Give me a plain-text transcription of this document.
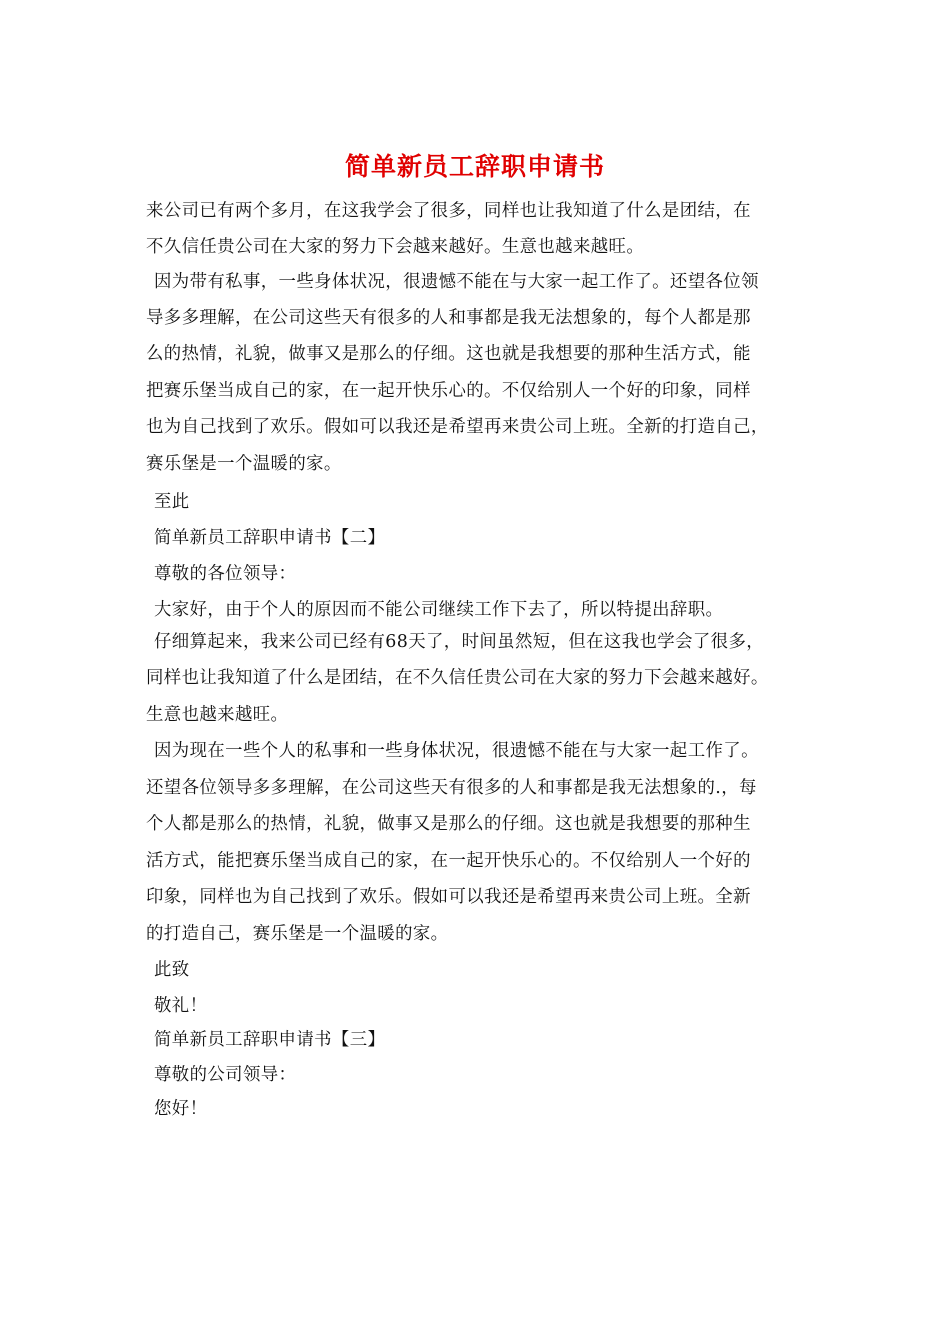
简单新员工辞职申请书
来公司已有两个多月，在这我学会了很多，同样也让我知道了什么是团结，在
不久信任贵公司在大家的努力下会越来越好。生意也越来越旺。
因为带有私事，一些身体状况，很遗憾不能在与大家一起工作了。还望各位领
导多多理解，在公司这些天有很多的人和事都是我无法想象的，每个人都是那
么的热情，礼貌，做事又是那么的仔细。这也就是我想要的那种生活方式，能
把赛乐堡当成自己的家，在一起开快乐心的。不仅给别人一个好的印象，同样
也为自己找到了欢乐。假如可以我还是希望再来贵公司上班。全新的打造自己，
赛乐堡是一个温暖的家。
至此
简单新员工辞职申请书【二】
尊敬的各位领导：
大家好，由于个人的原因而不能公司继续工作下去了，所以特提出辞职。
仔细算起来，我来公司已经有68天了，时间虽然短，但在这我也学会了很多，
同样也让我知道了什么是团结，在不久信任贵公司在大家的努力下会越来越好。
生意也越来越旺。
因为现在一些个人的私事和一些身体状况，很遗憾不能在与大家一起工作了。
还望各位领导多多理解，在公司这些天有很多的人和事都是我无法想象的.，每
个人都是那么的热情，礼貌，做事又是那么的仔细。这也就是我想要的那种生
活方式，能把赛乐堡当成自己的家，在一起开快乐心的。不仅给别人一个好的
印象，同样也为自己找到了欢乐。假如可以我还是希望再来贵公司上班。全新
的打造自己，赛乐堡是一个温暖的家。
此致
敬礼！
简单新员工辞职申请书【三】
尊敬的公司领导：
您好！
